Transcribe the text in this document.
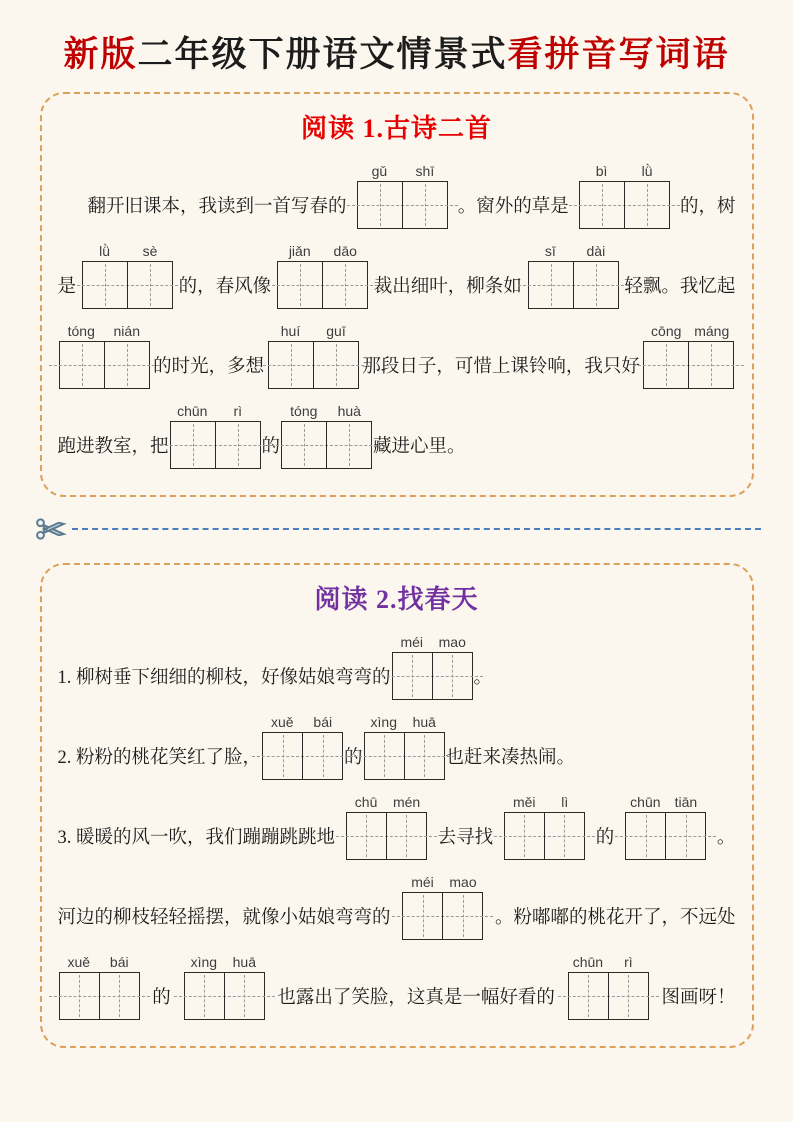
新版二年级下册语文情景式看拼音写词语
阅读 1.古诗二首
翻开旧课本，我读到一首写春的
gǔ	shī
。窗外的草是
bì	lǜ
的，树
是
lǜ	sè
的，春风像
jiǎn	dāo
裁出细叶，柳条如
sī	dài
轻飘。我忆起
tóng	nián
的时光，多想
huí	guī
那段日子，可惜上课铃响，我只好
cōng máng
跑进教室，把
chūn	rì
的
tóng	huà
藏进心里。
阅读 2.找春天
1. 柳树垂下细细的柳枝，好像姑娘弯弯的
méi	mao
。
2. 粉粉的桃花笑红了脸，
xuě	bái
的
xìng	huā
也赶来凑热闹。
3. 暖暖的风一吹，我们蹦蹦跳跳地
chū	mén
去寻找
měi	lì
的
chūn	tiān
。
河边的柳枝轻轻摇摆，就像小姑娘弯弯的
méi	mao
。粉嘟嘟的桃花开了，不远处
xuě	bái
的
xìng	huā
也露出了笑脸，这真是一幅好看的
chūn	rì
图画呀！
